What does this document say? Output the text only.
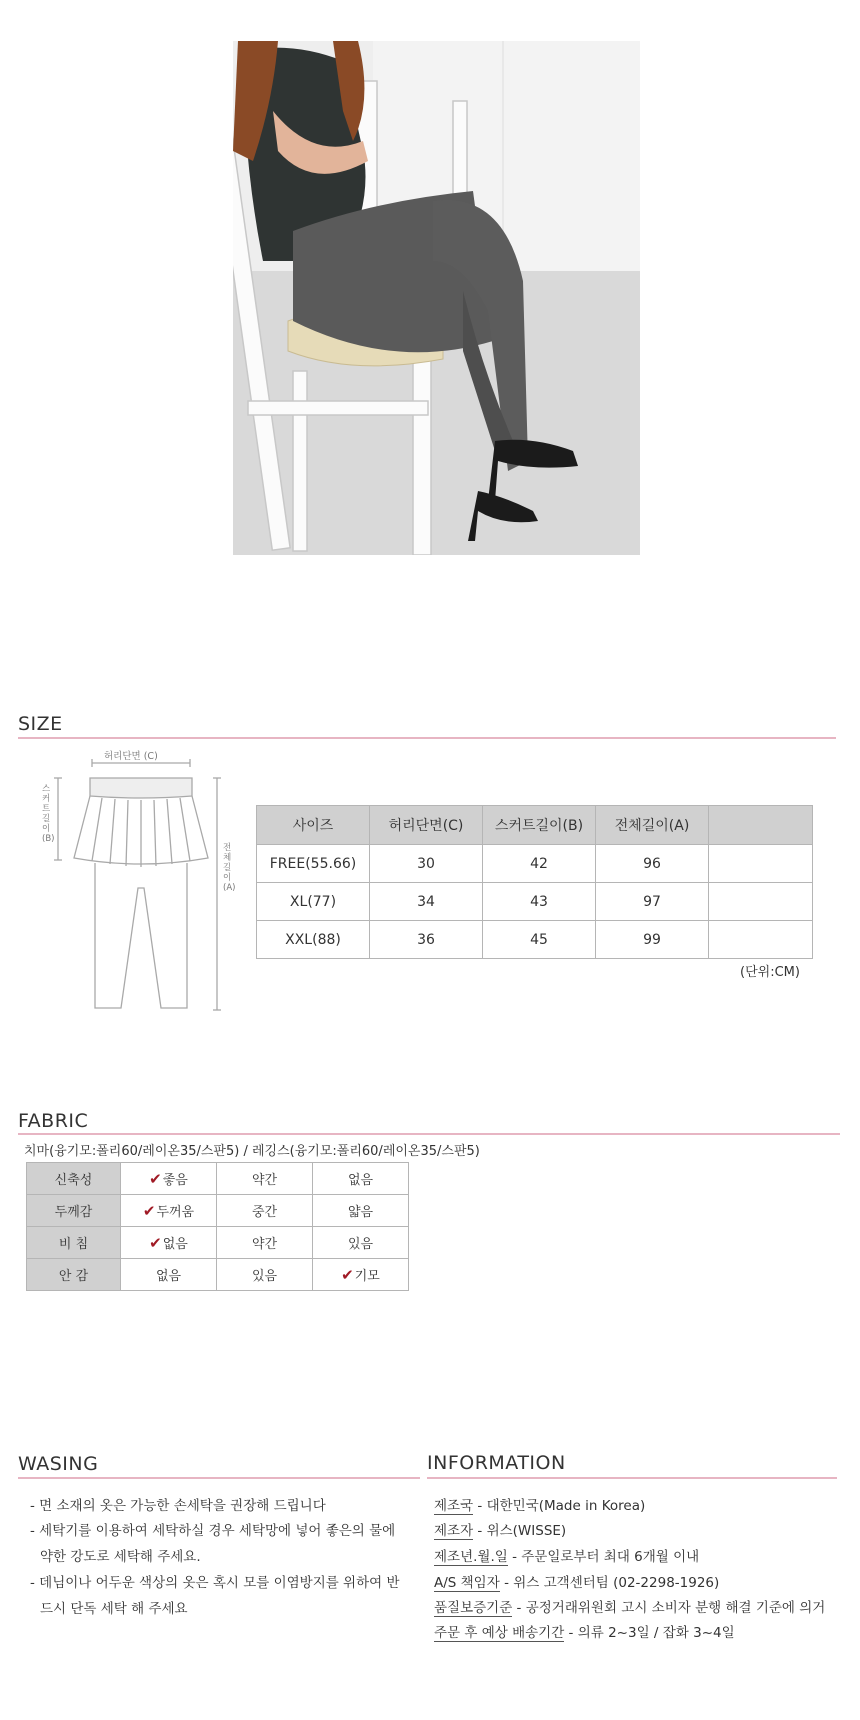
SIZE
허리단면 (C)
스커트길이 (B)
전체길이 (A)
사이즈	허리단면(C)	스커트길이(B)	전체길이(A)	
FREE(55.66)	30	42	96	
XL(77)	34	43	97	
XXL(88)	36	45	99	
(단위:CM)
FABRIC
치마(융기모:폴리60/레이온35/스판5) / 레깅스(융기모:폴리60/레이온35/스판5)
신축성	✔좋음	약간	없음
두께감	✔두꺼움	중간	얇음
비 침	✔없음	약간	있음
안 감	없음	있음	✔기모
WASING
- 면 소재의 옷은 가능한 손세탁을 권장해 드립니다
- 세탁기를 이용하여 세탁하실 경우 세탁망에 넣어 좋은의 물에
약한 강도로 세탁해 주세요.
- 데님이나 어두운 색상의 옷은 혹시 모를 이염방지를 위하여 반
드시 단독 세탁 해 주세요
INFORMATION
제조국 - 대한민국(Made in Korea)
제조자 - 위스(WISSE)
제조년.월.일 - 주문일로부터 최대 6개월 이내
A/S 책임자 - 위스 고객센터팀 (02-2298-1926)
품질보증기준 - 공정거래위원회 고시 소비자 분행 해결 기준에 의거
주문 후 예상 배송기간 - 의류 2~3일 / 잡화 3~4일
